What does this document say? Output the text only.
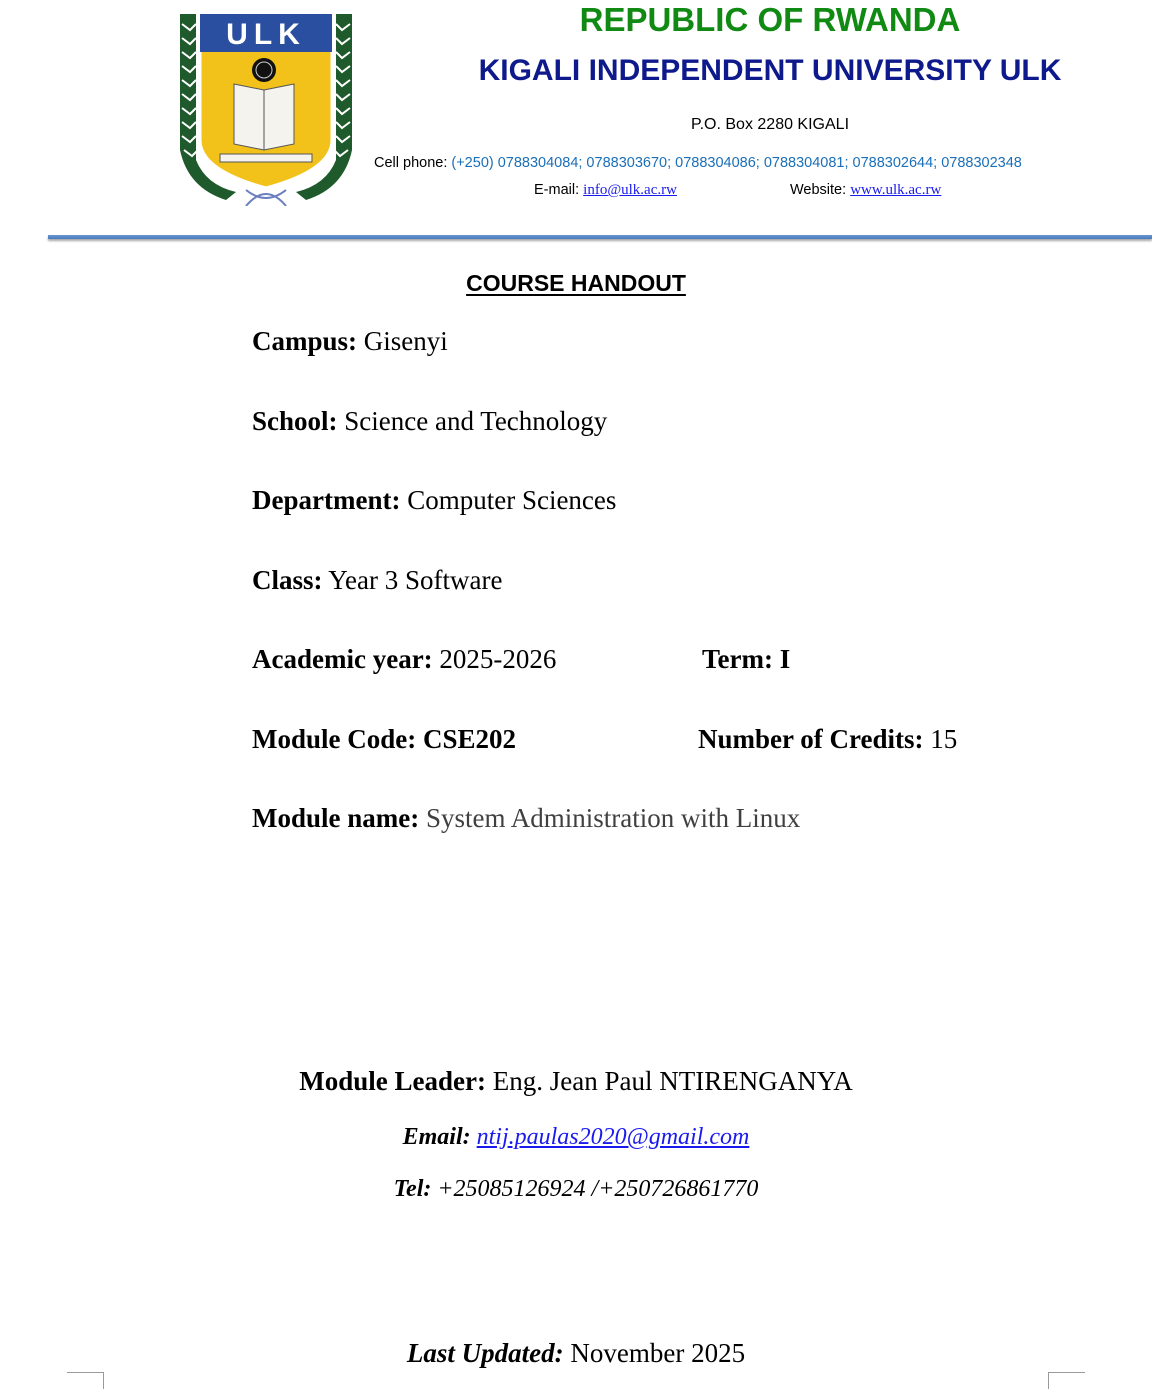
ULK	REPUBLIC OF RWANDA
KIGALI INDEPENDENT UNIVERSITY ULK
P.O. Box 2280 KIGALI
Cell phone: (+250) 0788304084; 0788303670; 0788304086; 0788304081; 0788302644; 0788302348
E-mail: info@ulk.ac.rw	Website: www.ulk.ac.rw
COURSE HANDOUT
Campus: Gisenyi
School: Science and Technology
Department: Computer Sciences
Class: Year 3 Software
Academic year: 2025-2026	Term: I
Module Code: CSE202	Number of Credits: 15
Module name: System Administration with Linux
Module Leader: Eng. Jean Paul NTIRENGANYA
Email: ntij.paulas2020@gmail.com
Tel: +25085126924 /+250726861770
Last Updated: November 2025
